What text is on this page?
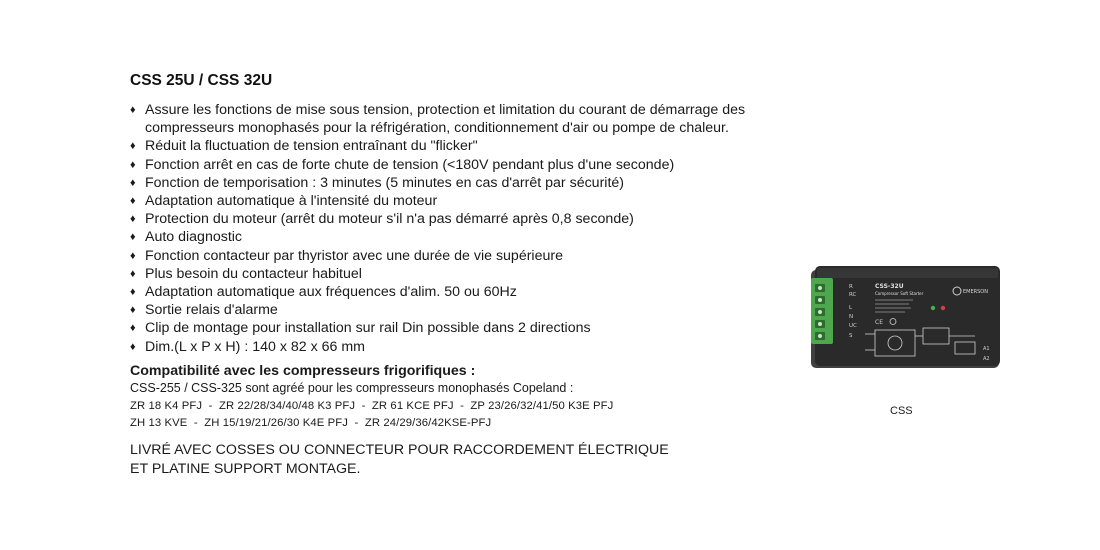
CSS 25U / CSS 32U
♦ Assure les fonctions de mise sous tension, protection et limitation du courant de démarrage des compresseurs monophasés pour la réfrigération, conditionnement d'air ou pompe de chaleur.
♦ Réduit la fluctuation de tension entraînant du "flicker"
♦ Fonction arrêt en cas de forte chute de tension (<180V pendant plus d'une seconde)
♦ Fonction de temporisation : 3 minutes (5 minutes en cas d'arrêt par sécurité)
♦ Adaptation automatique à l'intensité du moteur
♦ Protection du moteur (arrêt du moteur s'il n'a pas démarré après 0,8 seconde)
♦ Auto diagnostic
♦ Fonction contacteur par thyristor avec une durée de vie supérieure
♦ Plus besoin du contacteur habituel
♦ Adaptation automatique aux fréquences d'alim. 50 ou 60Hz
♦ Sortie relais d'alarme
♦ Clip de montage pour installation sur rail Din possible dans 2 directions
♦ Dim.(L x P x H) : 140 x 82 x 66 mm
Compatibilité avec les compresseurs frigorifiques :
CSS-255 / CSS-325 sont agréé pour les compresseurs monophasés Copeland :
ZR 18 K4 PFJ  -  ZR 22/28/34/40/48 K3 PFJ  -  ZR 61 KCE PFJ  -  ZP 23/26/32/41/50 K3E PFJ
ZH 13 KVE  -  ZH 15/19/21/26/30 K4E PFJ  -  ZR 24/29/36/42KSE-PFJ
LIVRÉ AVEC COSSES OU CONNECTEUR POUR RACCORDEMENT ÉLECTRIQUE
ET PLATINE SUPPORT MONTAGE.
R
RC
L
N
UC
S
CSS-32U
Compressor Soft Starter	EMERSON
CE
A1
A2
CSS
